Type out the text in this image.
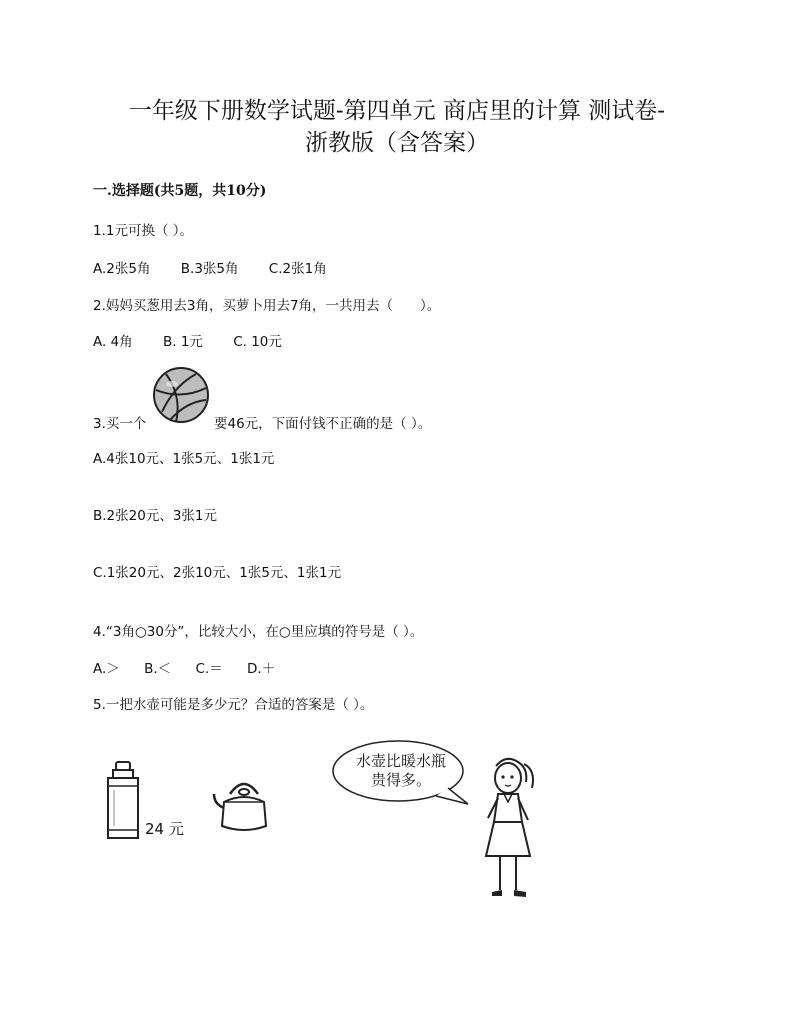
一年级下册数学试题-第四单元 商店里的计算 测试卷-
浙教版（含答案）
一.选择题(共5题，共10分)
1.1元可换（ ）。
A.2张5角 B.3张5角 C.2张1角
2.妈妈买葱用去3角，买萝卜用去7角，一共用去（　　）。
A. 4角 B. 1元 C. 10元
3.买一个	要46元，下面付钱不正确的是（ ）。
A.4张10元、1张5元、1张1元
B.2张20元、3张1元
C.1张20元、2张10元、1张5元、1张1元
4.“3角○30分”，比较大小，在○里应填的符号是（ ）。
A.＞ B.＜ C.＝ D.＋
5.一把水壶可能是多少元？合适的答案是（ ）。
24 元
水壶比暖水瓶
贵得多。
